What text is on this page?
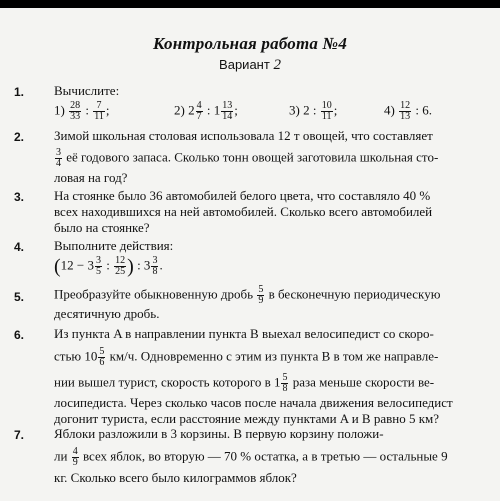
Контрольная работа №4
Вариант 2
1. Вычислите:
$1) \frac{28}{33}$ : $\frac{7}{11}$ ;	2) $2 \frac{4}{7}$ : $1 \frac{13}{14}$ ;	3) 2 : $\frac{10}{11}$ ;	$4) \frac{12}{13}$ : 6.
2. Зимой школьная столовая использовала 12 т овощей, что составляет
$\frac{3}{4}$ её годового запаса. Сколько тонн овощей заготовила школьная сто-
ловая на год?
3. На стоянке было 36 автомобилей белого цвета, что составляло 40 %
всех находившихся на ней автомобилей. Сколько всего автомобилей
было на стоянке?
4. Выполните действия:
($12 - 3 \frac{3}{5}$ : $\frac{12}{25}$ ) : $3 \frac{3}{8}$ .
5. Преобразуйте обыкновенную дробь $\frac{5}{9}$ в бесконечную периодическую
десятичную дробь.
6. Из пункта A в направлении пункта B выехал велосипедист со скоро-
стью $10 \frac{5}{6} км/ч$. Одновременно с этим из пункта B в том же направле-
нии вышел турист, скорость которого в $1 \frac{5}{8}$ раза меньше скорости ве-
лосипедиста. Через сколько часов после начала движения велосипедист
догонит туриста, если расстояние между пунктами A и B равно 5 км?
7. Яблоки разложили в 3 корзины. В первую корзину положи-
ли $\frac{4}{9}$ всех яблок, во вторую — 70 % остатка, а в третью — остальные 9
кг. Сколько всего было килограммов яблок?
